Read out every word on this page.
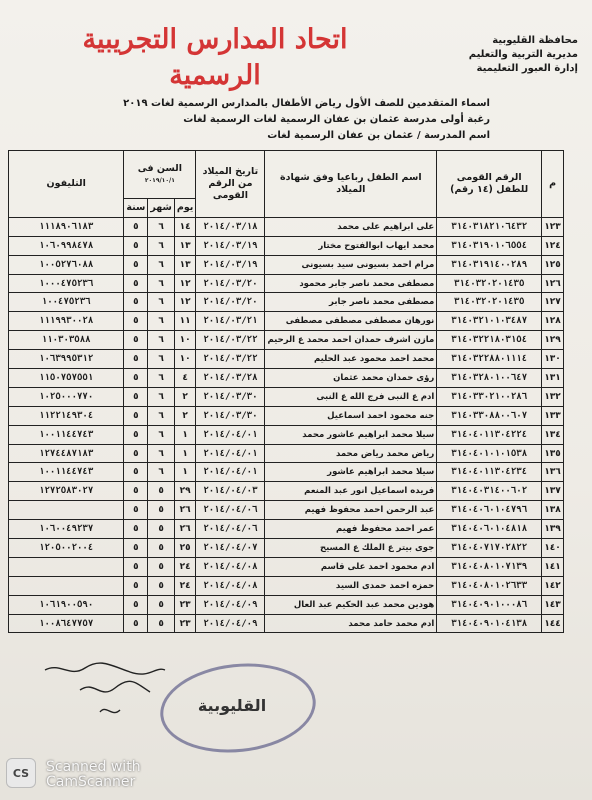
محافظة القليوبية
مديرية التربية والتعليم
إدارة العبور التعليمية
اتحاد المدارس التجريبية
الرسمية
اسماء المتقدمين للصف الأول رياض الأطفال بالمدارس الرسمية لغات ٢٠١٩
رغبة أولى مدرسة عثمان بن عفان الرسمية لغات الرسمية لغات
اسم المدرسة / عثمان بن عفان الرسمية لغات
م	الرقم القومى للطفل (١٤ رقم)	اسم الطفل رباعيا وفق شهادة الميلاد	تاريخ الميلاد من الرقم القومى	السن فى
٢٠١٩/١٠/١			التليفون
				يوم	شهر	سنة	

١٢٣	٣١٤٠٣١٨٢١٠٦٤٣٢	على ابراهيم على محمد	٢٠١٤/٠٣/١٨	١٤	٦	٥	١١١٨٩٠٦١٨٣
١٢٤	٣١٤٠٣١٩٠١٠٦٥٥٤	محمد ايهاب ابوالفتوح مختار	٢٠١٤/٠٣/١٩	١٣	٦	٥	١٠٦٠٩٩٨٤٧٨
١٢٥	٣١٤٠٣١٩١٤٠٠٢٨٩	مرام احمد بسيونى سيد بسيونى	٢٠١٤/٠٣/١٩	١٣	٦	٥	١٠٠٥٢٧٦٠٨٨
١٢٦	٣١٤٠٣٢٠٢٠١٤٣٥	مصطفى محمد ناصر جابر محمود	٢٠١٤/٠٣/٢٠	١٢	٦	٥	١٠٠٠٤٧٥٢٣٦
١٢٧	٣١٤٠٣٢٠٢٠١٤٣٥	مصطفى محمد ناصر جابر	٢٠١٤/٠٣/٢٠	١٢	٦	٥	١٠٠٤٧٥٢٣٦
١٢٨	٣١٤٠٣٢١٠١٠٣٤٨٧	نورهان مصطفى مصطفى مصطفى	٢٠١٤/٠٣/٢١	١١	٦	٥	١١١٩٩٣٠٠٢٨
١٢٩	٣١٤٠٣٢٢١٨٠٣١٥٤	مازن اشرف حمدان احمد محمد ع الرحيم	٢٠١٤/٠٣/٢٢	١٠	٦	٥	١١٠٣٠٣٥٨٨
١٣٠	٣١٤٠٣٢٢٨٨٠١١١٤	محمد احمد محمود عبد الحليم	٢٠١٤/٠٣/٢٢	١٠	٦	٥	١٠٦٣٩٩٥٣١٢
١٣١	٣١٤٠٣٢٨٠١٠٠٦٤٧	رؤى حمدان محمد عثمان	٢٠١٤/٠٣/٢٨	٤	٦	٥	١١٥٠٧٥٧٥٥١
١٣٢	٣١٤٠٣٣٠٢١٠٠٢٨٦	ادم ع النبى فرج الله ع النبى	٢٠١٤/٠٣/٣٠	٢	٦	٥	١٠٢٥٠٠٠٧٧٠
١٣٣	٣١٤٠٣٣٠٨٨٠٠٦٠٧	جنه محمود احمد اسماعيل	٢٠١٤/٠٣/٣٠	٢	٦	٥	١١٢٢١٤٩٣٠٤
١٣٤	٣١٤٠٤٠١١٣٠٤٢٢٤	سيلا محمد ابراهيم عاشور محمد	٢٠١٤/٠٤/٠١	١	٦	٥	١٠٠١١٤٤٧٤٣
١٣٥	٣١٤٠٤٠١٠١٠١٥٣٨	رياض محمد رياض محمد	٢٠١٤/٠٤/٠١	١	٦	٥	١٢٧٤٤٨٧١٨٣
١٣٦	٣١٤٠٤٠١١٣٠٤٢٣٤	سيلا محمد ابراهيم عاشور	٢٠١٤/٠٤/٠١	١	٦	٥	١٠٠١١٤٤٧٤٣
١٣٧	٣١٤٠٤٠٣١٤٠٠٦٠٢	فريده اسماعيل انور عبد المنعم	٢٠١٤/٠٤/٠٣	٢٩	٥	٥	١٢٧٢٥٨٣٠٢٧
١٣٨	٣١٤٠٤٠٦٠١٠٤٧٩٦	عبد الرحمن احمد محفوظ فهيم	٢٠١٤/٠٤/٠٦	٢٦	٥	٥	
١٣٩	٣١٤٠٤٠٦٠١٠٤٨١٨	عمر احمد محفوظ فهيم	٢٠١٤/٠٤/٠٦	٢٦	٥	٥	١٠٦٠٠٤٩٢٣٧
١٤٠	٣١٤٠٤٠٧١٧٠٢٨٢٢	جوى بيتر ع الملك ع المسيح	٢٠١٤/٠٤/٠٧	٢٥	٥	٥	١٢٠٥٠٠٢٠٠٤
١٤١	٣١٤٠٤٠٨٠١٠٧١٣٩	ادم محمود احمد على قاسم	٢٠١٤/٠٤/٠٨	٢٤	٥	٥	
١٤٢	٣١٤٠٤٠٨٠١٠٢٦٣٣	حمزه احمد حمدى السيد	٢٠١٤/٠٤/٠٨	٢٤	٥	٥	
١٤٣	٣١٤٠٤٠٩٠١٠٠٠٨٦	هودين محمد عبد الحكيم عبد العال	٢٠١٤/٠٤/٠٩	٢٣	٥	٥	١٠٦١٩٠٠٥٩٠
١٤٤	٣١٤٠٤٠٩٠١٠٤١٣٨	ادم محمد حامد محمد	٢٠١٤/٠٤/٠٩	٢٣	٥	٥	١٠٠٨٦٤٧٧٥٧
القليوبية
CS	Scanned with
CamScanner
